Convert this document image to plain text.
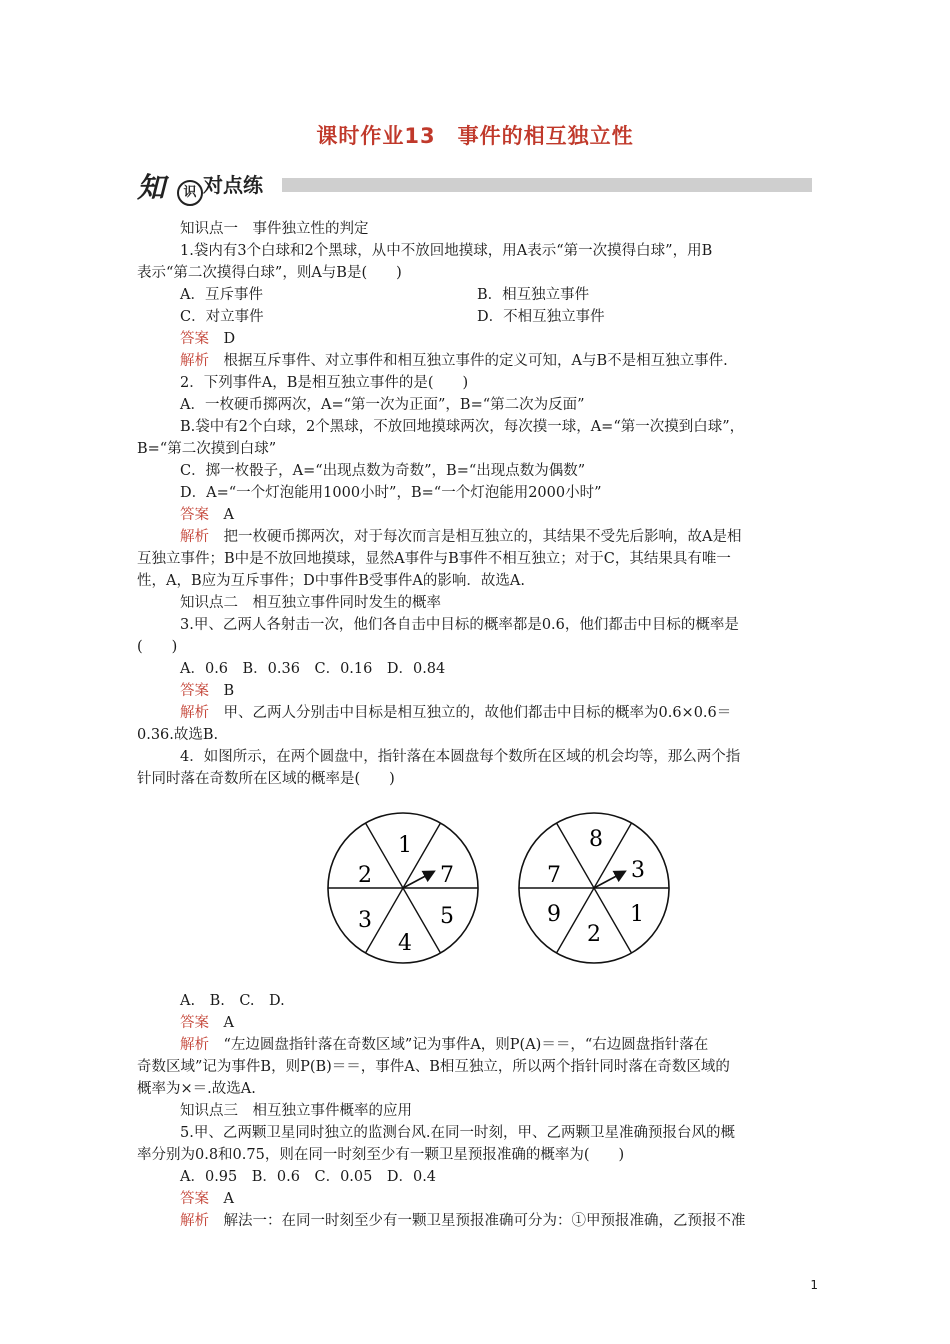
课时作业13　事件的相互独立性
知	识 对点练
知识点一　事件独立性的判定
1.袋内有3个白球和2个黑球，从中不放回地摸球，用A表示“第一次摸得白球”，用B
表示“第二次摸得白球”，则A与B是(　　)
A．互斥事件	B．相互独立事件
C．对立事件	D．不相互独立事件
答案　 D
解析　 根据互斥事件、对立事件和相互独立事件的定义可知，A与B不是相互独立事件.
2．下列事件A，B是相互独立事件的是(　　)
A．一枚硬币掷两次，A=“第一次为正面”，B=“第二次为反面”
B.袋中有2个白球，2个黑球，不放回地摸球两次，每次摸一球，A=“第一次摸到白球”，
B=“第二次摸到白球”
C．掷一枚骰子，A=“出现点数为奇数”，B=“出现点数为偶数”
D．A=“一个灯泡能用1000小时”，B=“一个灯泡能用2000小时”
答案　 A
解析　 把一枚硬币掷两次，对于每次而言是相互独立的，其结果不受先后影响，故A是相
互独立事件；B中是不放回地摸球，显然A事件与B事件不相互独立；对于C，其结果具有唯一
性，A，B应为互斥事件；D中事件B受事件A的影响．故选A.
知识点二　相互独立事件同时发生的概率
3.甲、乙两人各射击一次，他们各自击中目标的概率都是0.6，他们都击中目标的概率是
(　　)
A．0.6　B．0.36　C．0.16　D．0.84
答案　 B
解析　 甲、乙两人分别击中目标是相互独立的，故他们都击中目标的概率为0.6×0.6＝
0.36.故选B.
4．如图所示，在两个圆盘中，指针落在本圆盘每个数所在区域的机会均等，那么两个指
针同时落在奇数所在区域的概率是(　　)
1
7
5
4
3
2
8
3
1
2
9
7
A.　B.　C.　D.
答案　 A
解析　 “左边圆盘指针落在奇数区域”记为事件A，则P(A)＝＝，“右边圆盘指针落在
奇数区域”记为事件B，则P(B)＝＝，事件A、B相互独立，所以两个指针同时落在奇数区域的
概率为×＝.故选A.
知识点三　相互独立事件概率的应用
5.甲、乙两颗卫星同时独立的监测台风.在同一时刻，甲、乙两颗卫星准确预报台风的概
率分别为0.8和0.75，则在同一时刻至少有一颗卫星预报准确的概率为(　　)
A．0.95　B．0.6　C．0.05　D．0.4
答案　 A
解析　 解法一：在同一时刻至少有一颗卫星预报准确可分为：①甲预报准确，乙预报不准
1
